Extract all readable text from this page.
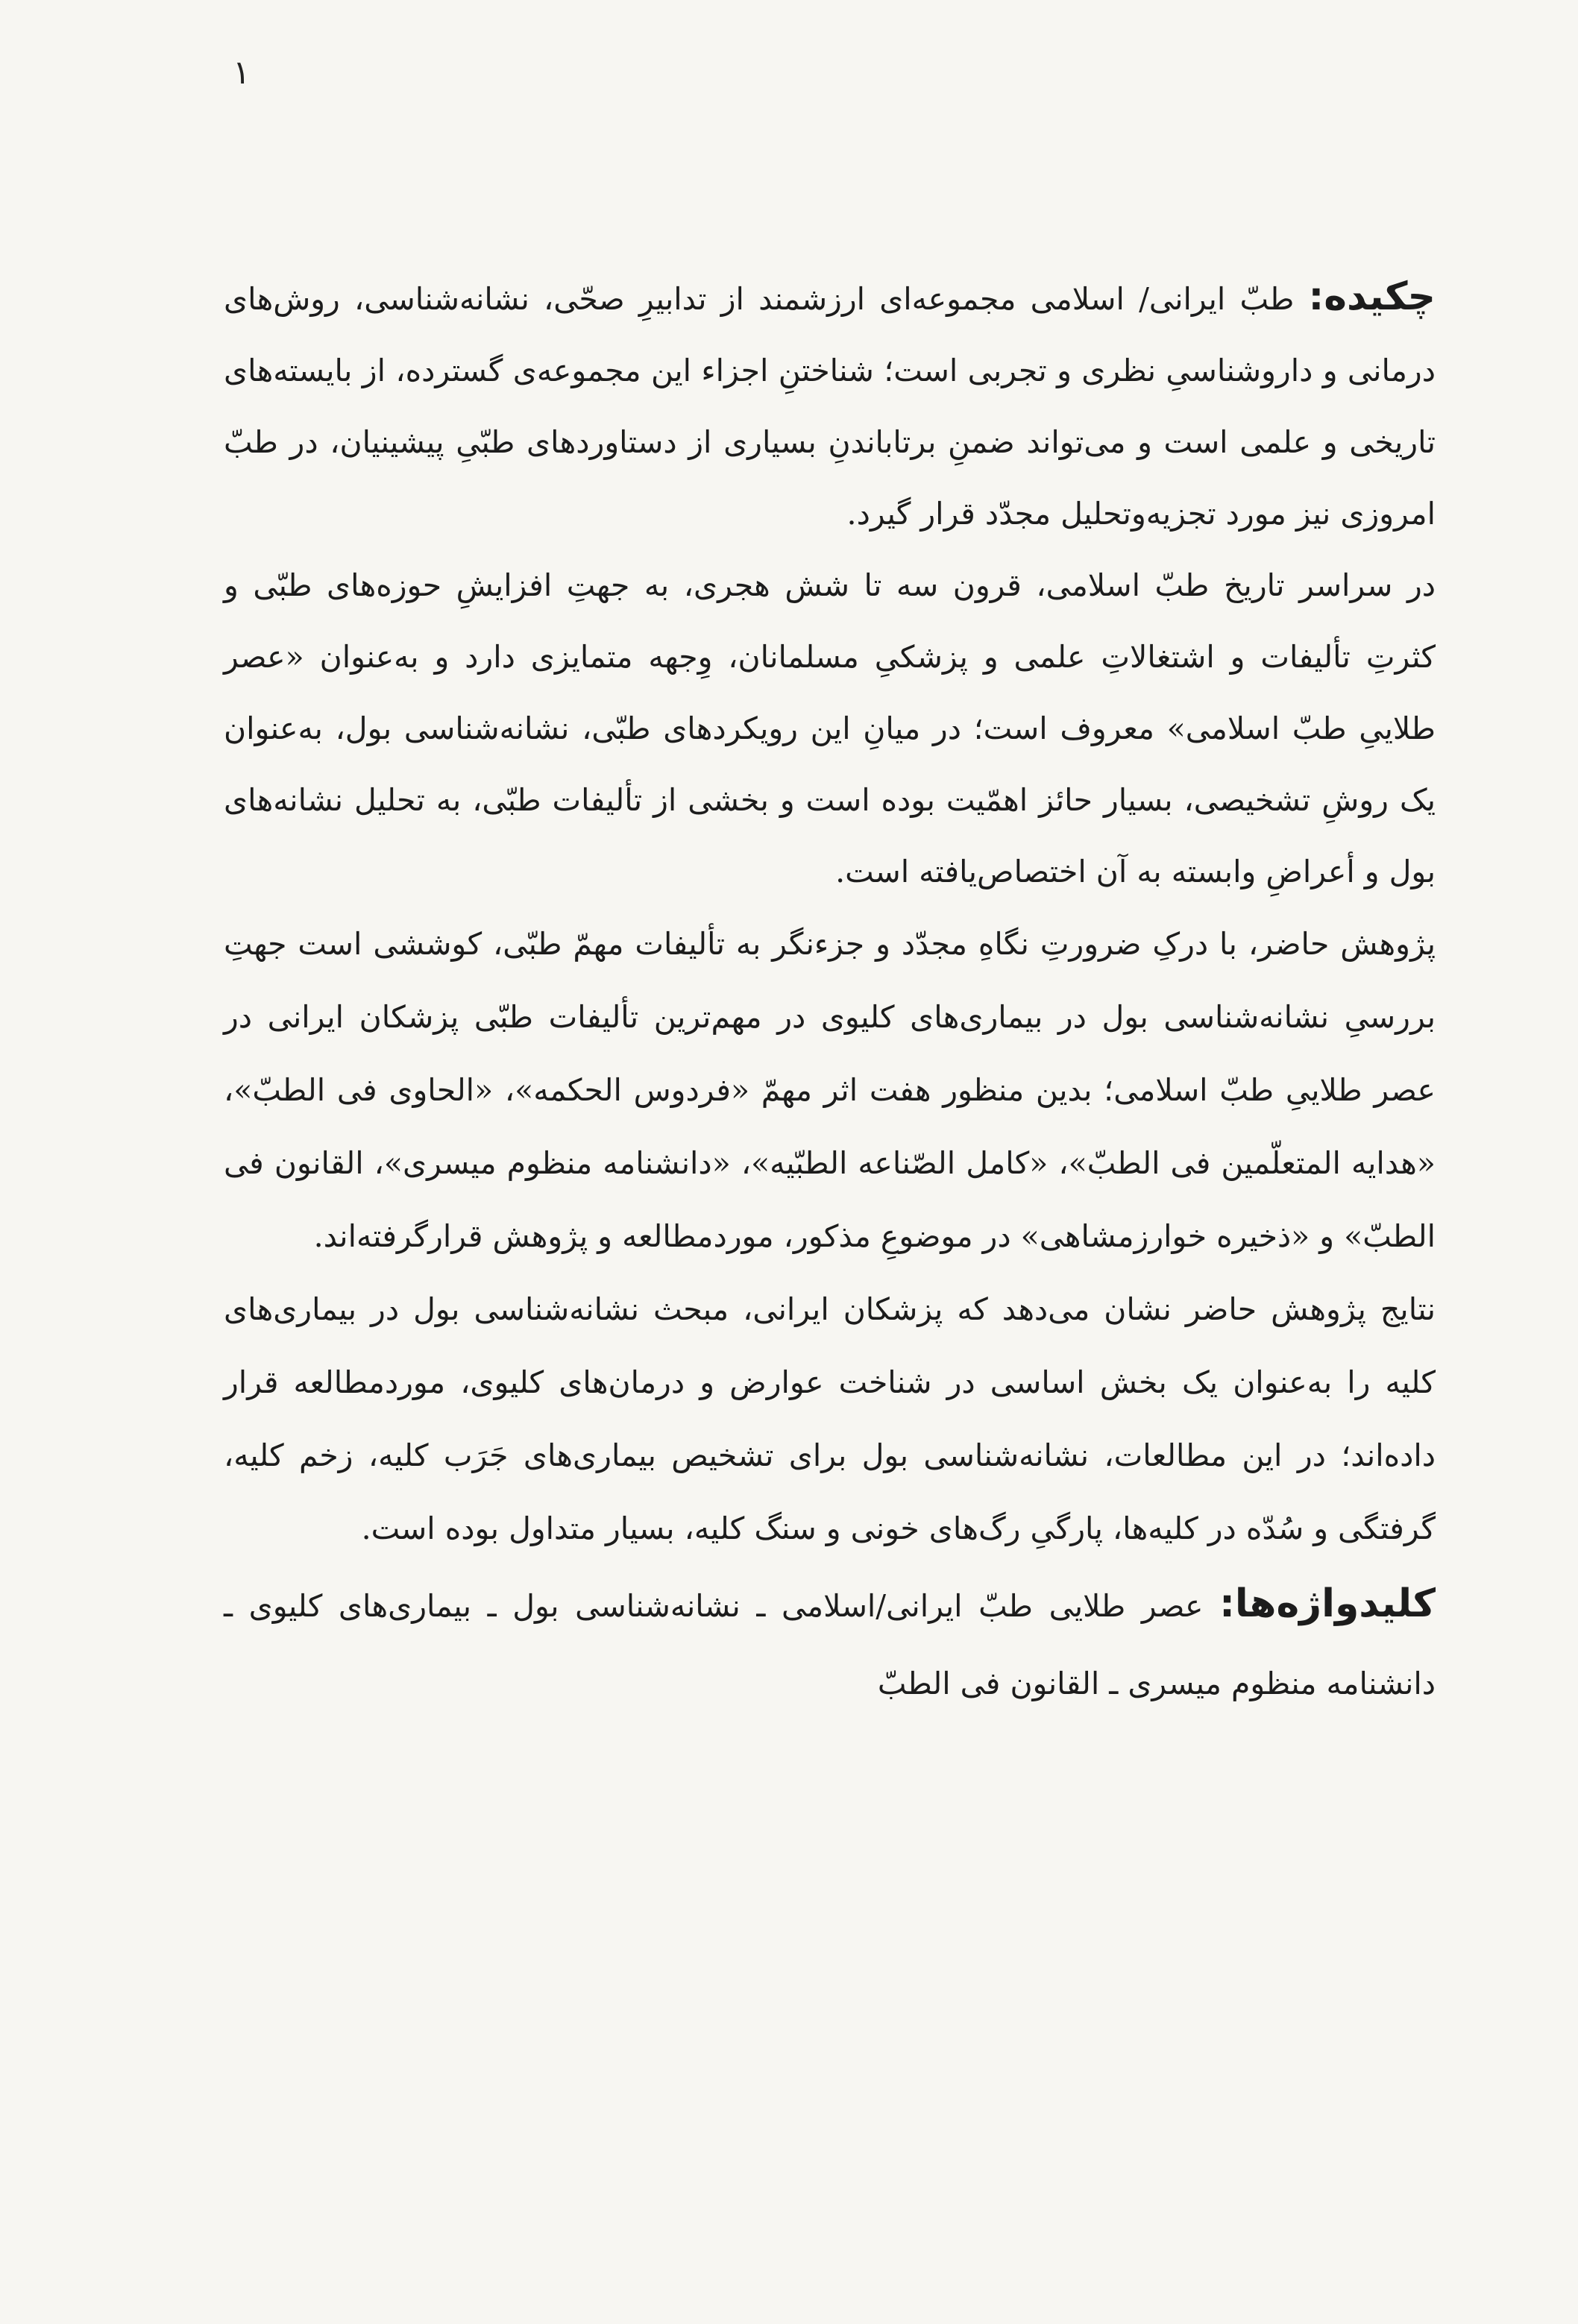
۱

چکیده: طبّ ایرانی/ اسلامی مجموعه‌ای ارزشمند از تدابیرِ صحّی، نشانه‌شناسی، روش‌های درمانی و داروشناسیِ نظری و تجربی است؛ شناختنِ اجزاء این مجموعه‌ی گسترده، از بایسته‌های تاریخی و علمی است و می‌تواند ضمنِ برتاباندنِ بسیاری از دستاوردهای طبّیِ پیشینیان، در طبّ امروزی نیز مورد تجزیه‌وتحلیل مجدّد قرار گیرد.

در سراسر تاریخ طبّ اسلامی، قرون سه تا شش هجری، به جهتِ افزایشِ حوزه‌های طبّی و کثرتِ تألیفات و اشتغالاتِ علمی و پزشکیِ مسلمانان، وِجهه متمایزی دارد و به‌عنوان «عصر طلاییِ طبّ اسلامی» معروف است؛ در میانِ این رویکردهای طبّی، نشانه‌شناسی بول، به‌عنوان یک روشِ تشخیصی، بسیار حائز اهمّیت بوده است و بخشی از تألیفات طبّی، به تحلیل نشانه‌های بول و أعراضِ وابسته به آن اختصاص‌یافته است.

پژوهش حاضر، با درکِ ضرورتِ نگاهِ مجدّد و جزءنگر به تألیفات مهمّ طبّی، کوششی است جهتِ بررسیِ نشانه‌شناسی بول در بیماری‌های کلیوی در مهم‌ترین تألیفات طبّی پزشکان ایرانی در عصر طلاییِ طبّ اسلامی؛ بدین منظور هفت اثر مهمّ «فردوس الحکمه»، «الحاوی فی الطبّ»، «هدایه المتعلّمین فی الطبّ»، «کامل الصّناعه الطبّیه»، «دانشنامه منظوم میسری»، القانون فی الطبّ» و «ذخیره خوارزمشاهی» در موضوعِ مذکور، موردمطالعه و پژوهش قرارگرفته‌اند.

نتایج پژوهش حاضر نشان می‌دهد که پزشکان ایرانی، مبحث نشانه‌شناسی بول در بیماری‌های کلیه را به‌عنوان یک بخش اساسی در شناخت عوارض و درمان‌های کلیوی، موردمطالعه قرار داده‌اند؛ در این مطالعات، نشانه‌شناسی بول برای تشخیص بیماری‌های جَرَب کلیه، زخم کلیه، گرفتگی و سُدّه در کلیه‌ها، پارگیِ رگ‌های خونی و سنگ کلیه، بسیار متداول بوده است.

کلیدواژه‌ها: عصر طلایی طبّ ایرانی/اسلامی ـ نشانه‌شناسی بول ـ بیماری‌های کلیوی ـ دانشنامه منظوم میسری ـ القانون فی الطبّ
